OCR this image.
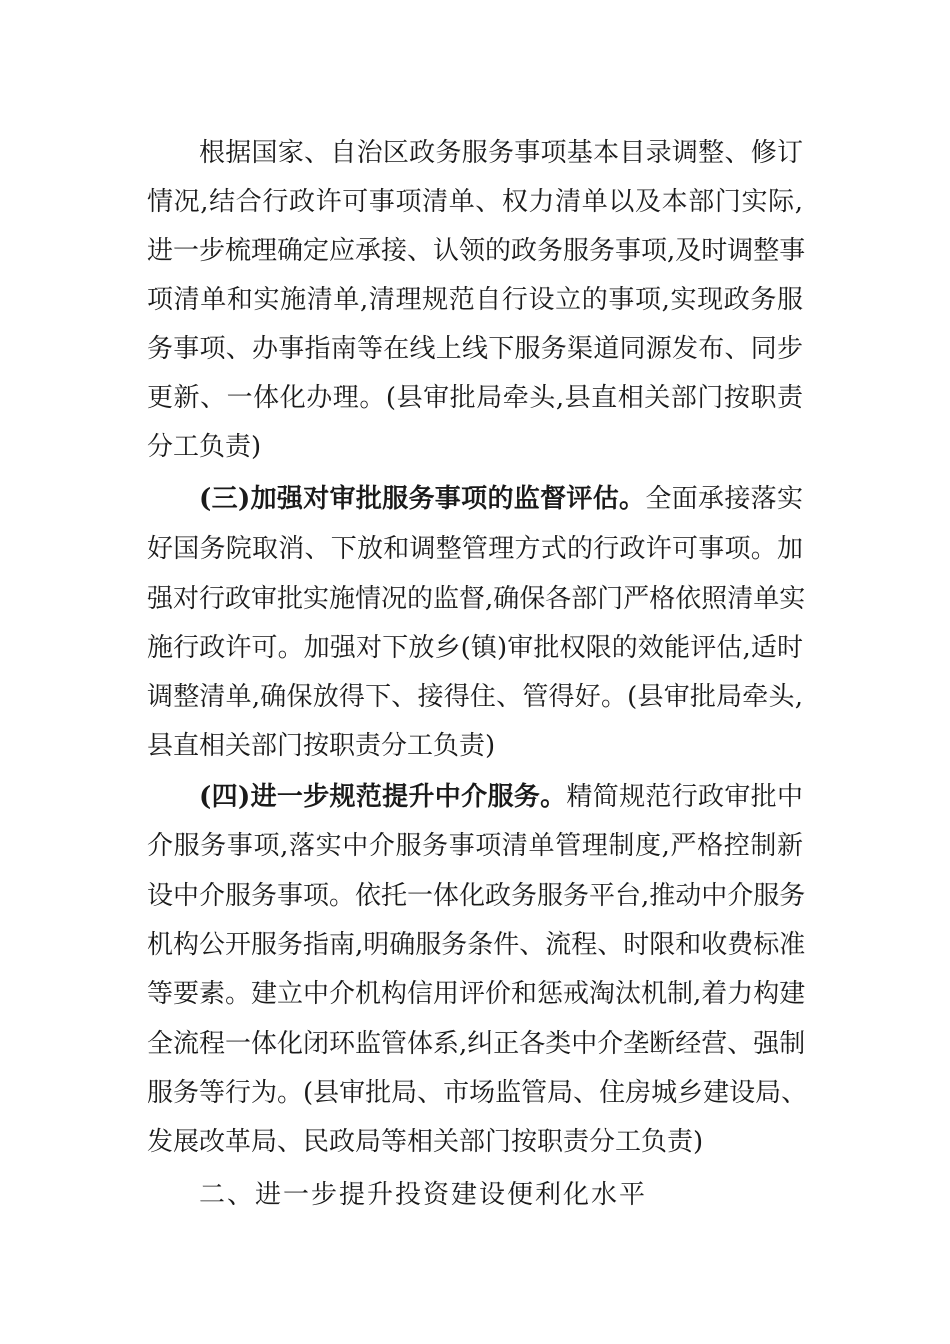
根据国家、自治区政务服务事项基本目录调整、修订
情况,结合行政许可事项清单、权力清单以及本部门实际,
进一步梳理确定应承接、认领的政务服务事项,及时调整事
项清单和实施清单,清理规范自行设立的事项,实现政务服
务事项、办事指南等在线上线下服务渠道同源发布、同步
更新、一体化办理。(县审批局牵头,县直相关部门按职责
分工负责)
(三)加强对审批服务事项的监督评估。全面承接落实
好国务院取消、下放和调整管理方式的行政许可事项。加
强对行政审批实施情况的监督,确保各部门严格依照清单实
施行政许可。加强对下放乡(镇)审批权限的效能评估,适时
调整清单,确保放得下、接得住、管得好。(县审批局牵头,
县直相关部门按职责分工负责)
(四)进一步规范提升中介服务。精简规范行政审批中
介服务事项,落实中介服务事项清单管理制度,严格控制新
设中介服务事项。依托一体化政务服务平台,推动中介服务
机构公开服务指南,明确服务条件、流程、时限和收费标准
等要素。建立中介机构信用评价和惩戒淘汰机制,着力构建
全流程一体化闭环监管体系,纠正各类中介垄断经营、强制
服务等行为。(县审批局、市场监管局、住房城乡建设局、
发展改革局、民政局等相关部门按职责分工负责)
二、进一步提升投资建设便利化水平
